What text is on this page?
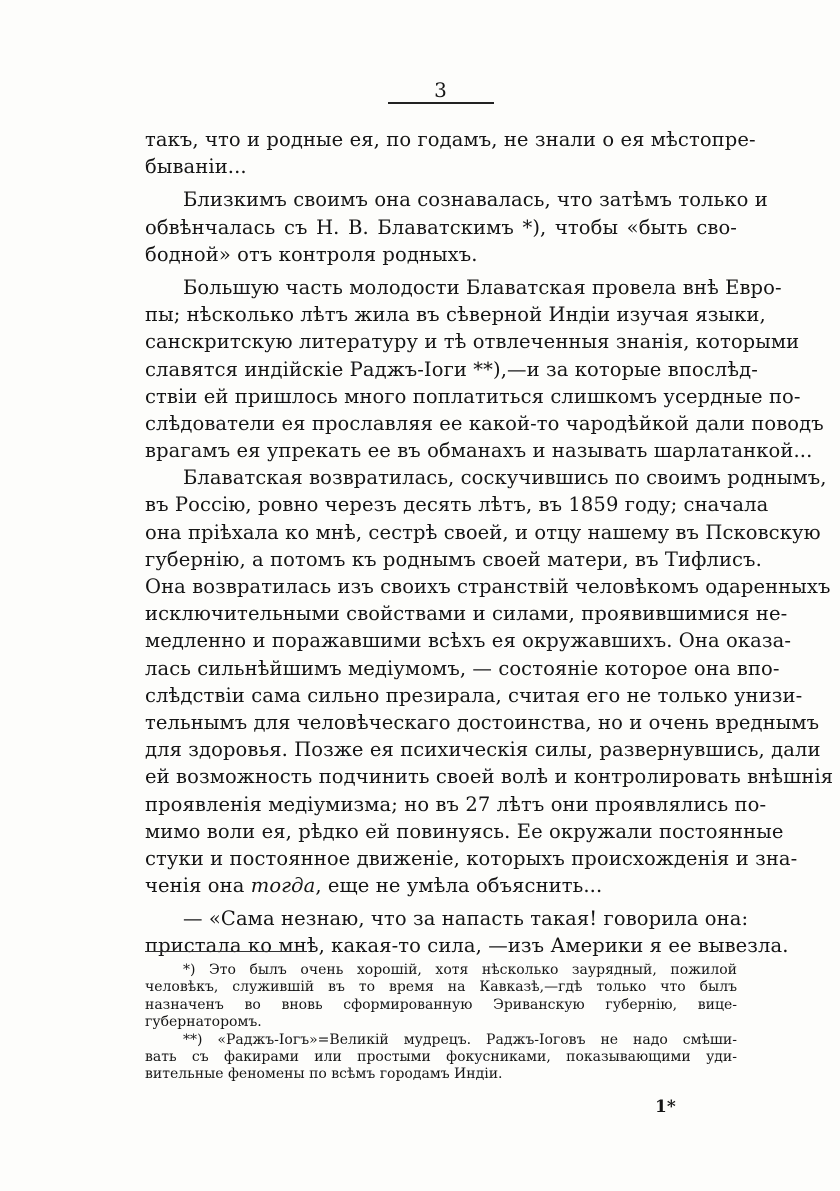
3
такъ, что и родные ея, по годамъ, не знали о ея мѣстопре-
бываніи...
Близкимъ своимъ она сознавалась, что затѣмъ только и
обвѣнчалась съ Н. В. Блаватскимъ *), чтобы «быть сво-
бодной» отъ контроля родныхъ.
Большую часть молодости Блаватская провела внѣ Евро-
пы; нѣсколько лѣтъ жила въ сѣверной Индіи изучая языки,
санскритскую литературу и тѣ отвлеченныя знанія, которыми
славятся индійскіе Раджъ-Іоги **),—и за которые впослѣд-
ствіи ей пришлось много поплатиться слишкомъ усердные по-
слѣдователи ея прославляя ее какой-то чародѣйкой дали поводъ
врагамъ ея упрекать ее въ обманахъ и называть шарлатанкой...
Блаватская возвратилась, соскучившись по своимъ роднымъ,
въ Россію, ровно черезъ десять лѣтъ, въ 1859 году; сначала
она пріѣхала ко мнѣ, сестрѣ своей, и отцу нашему въ Псковскую
губернію, а потомъ къ роднымъ своей матери, въ Тифлисъ.
Она возвратилась изъ своихъ странствій человѣкомъ одаренныхъ
исключительными свойствами и силами, проявившимися не-
медленно и поражавшими всѣхъ ея окружавшихъ. Она оказа-
лась сильнѣйшимъ медіумомъ, — состояніе которое она впо-
слѣдствіи сама сильно презирала, считая его не только унизи-
тельнымъ для человѣческаго достоинства, но и очень вреднымъ
для здоровья. Позже ея психическія силы, развернувшись, дали
ей возможность подчинить своей волѣ и контролировать внѣшнія
проявленія медіумизма; но въ 27 лѣтъ они проявлялись по-
мимо воли ея, рѣдко ей повинуясь. Ее окружали постоянные
стуки и постоянное движеніе, которыхъ происхожденія и зна-
ченія она тогда, еще не умѣла объяснить...
— «Сама незнаю, что за напасть такая! говорила она:
пристала ко мнѣ, какая-то сила, —изъ Америки я ее вывезла.
*) Это былъ очень хорошій, хотя нѣсколько заурядный, пожилой
человѣкъ, служившій въ то время на Кавказѣ,—гдѣ только что былъ
назначенъ во вновь сформированную Эриванскую губернію, вице-
губернаторомъ.
**) «Раджъ-Іогъ»=Великій мудрецъ. Раджъ-Іоговъ не надо смѣши-
вать съ факирами или простыми фокусниками, показывающими уди-
вительные феномены по всѣмъ городамъ Индіи.
1*
